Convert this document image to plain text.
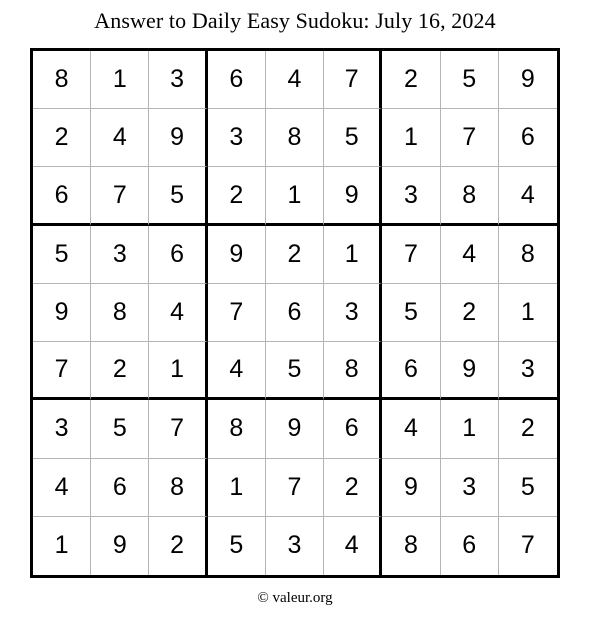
Answer to Daily Easy Sudoku: July 16, 2024
8	1	3	6	4	7	2	5	9
2	4	9	3	8	5	1	7	6
6	7	5	2	1	9	3	8	4
5	3	6	9	2	1	7	4	8
9	8	4	7	6	3	5	2	1
7	2	1	4	5	8	6	9	3
3	5	7	8	9	6	4	1	2
4	6	8	1	7	2	9	3	5
1	9	2	5	3	4	8	6	7
© valeur.org
